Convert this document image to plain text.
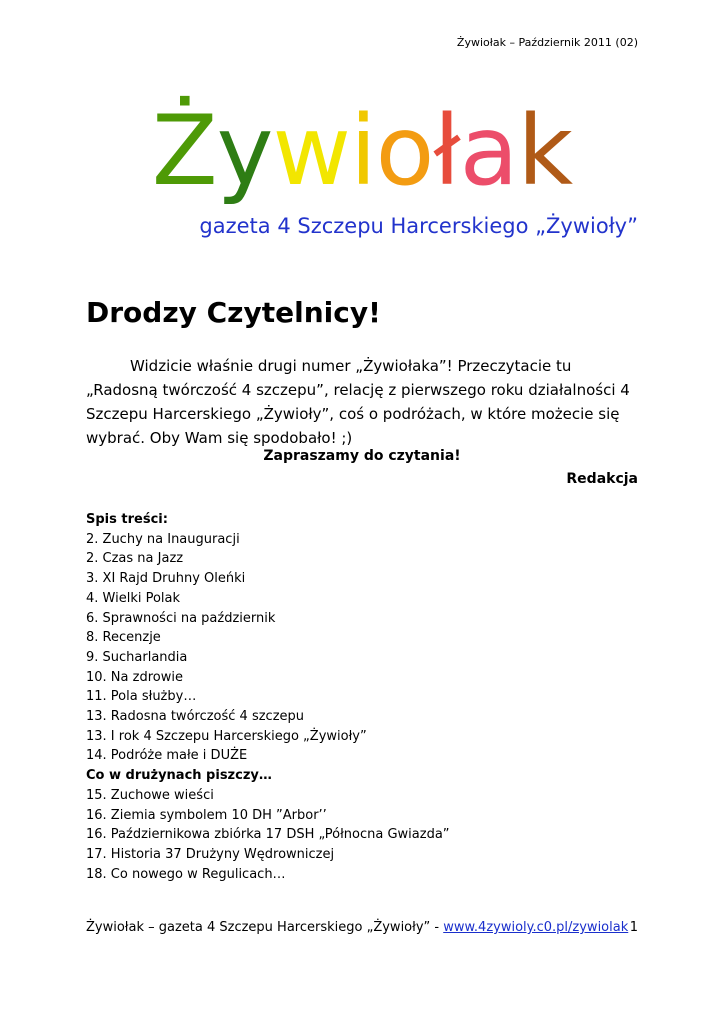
Żywiołak – Październik 2011 (02)
Żywiołak
gazeta 4 Szczepu Harcerskiego „Żywioły”
Drodzy Czytelnicy!

Widzicie właśnie drugi numer „Żywiołaka”! Przeczytacie tu „Radosną twórczość 4 szczepu”, relację z pierwszego roku działalności 4 Szczepu Harcerskiego „Żywioły”, coś o podróżach, w które możecie się wybrać. Oby Wam się spodobało! ;)

Zapraszamy do czytania!
Redakcja
Spis treści:
2. Zuchy na Inauguracji
2. Czas na Jazz
3. XI Rajd Druhny Oleńki
4. Wielki Polak
6. Sprawności na październik
8. Recenzje
9. Sucharlandia
10. Na zdrowie
11. Pola służby…
13. Radosna twórczość 4 szczepu
13. I rok 4 Szczepu Harcerskiego „Żywioły”
14. Podróże małe i DUŻE
Co w drużynach piszczy…
15. Zuchowe wieści
16. Ziemia symbolem 10 DH ”Arbor’’
16. Październikowa zbiórka 17 DSH „Północna Gwiazda”
17. Historia 37 Drużyny Wędrowniczej
18. Co nowego w Regulicach…
Żywiołak – gazeta 4 Szczepu Harcerskiego „Żywioły” - www.4zywioly.c0.pl/zywiolak 1
